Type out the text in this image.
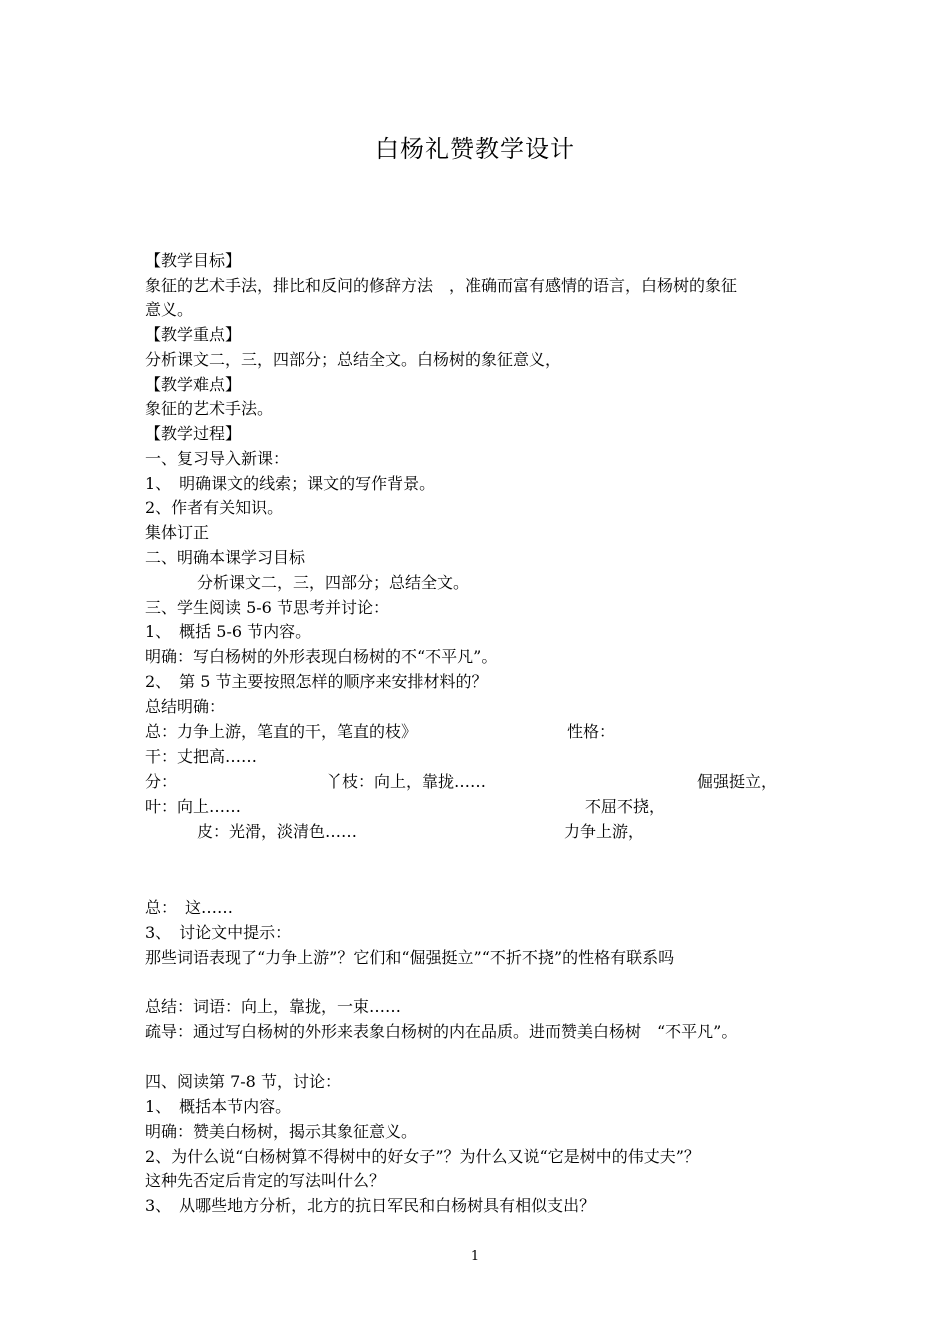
白杨礼赞教学设计
【教学目标】
象征的艺术手法，排比和反问的修辞方法　，准确而富有感情的语言，白杨树的象征
意义。
【教学重点】
分析课文二，三，四部分；总结全文。白杨树的象征意义，
【教学难点】
象征的艺术手法。
【教学过程】
一、复习导入新课：
1、　明确课文的线索；课文的写作背景。
2、作者有关知识。
集体订正
二、明确本课学习目标
分析课文二，三，四部分；总结全文。
三、学生阅读 5-6 节思考并讨论：
1、　概括 5-6 节内容。
明确：写白杨树的外形表现白杨树的不“不平凡”。
2、　第 5 节主要按照怎样的顺序来安排材料的？
总结明确：
总：力争上游，笔直的干，笔直的枝》	性格：
干：丈把高……
分：	丫枝：向上，靠拢……	倔强挺立，
叶：向上……	不屈不挠，
皮：光滑，淡清色……	力争上游，
总：　这……
3、　讨论文中提示：
那些词语表现了“力争上游”？它们和“倔强挺立”“不折不挠”的性格有联系吗
总结：词语：向上，靠拢，一束……
疏导：通过写白杨树的外形来表象白杨树的内在品质。进而赞美白杨树　“不平凡”。
四、阅读第 7-8 节，讨论：
1、　概括本节内容。
明确：赞美白杨树，揭示其象征意义。
2、为什么说“白杨树算不得树中的好女子”？为什么又说“它是树中的伟丈夫”？
这种先否定后肯定的写法叫什么？
3、　从哪些地方分析，北方的抗日军民和白杨树具有相似支出？
1
